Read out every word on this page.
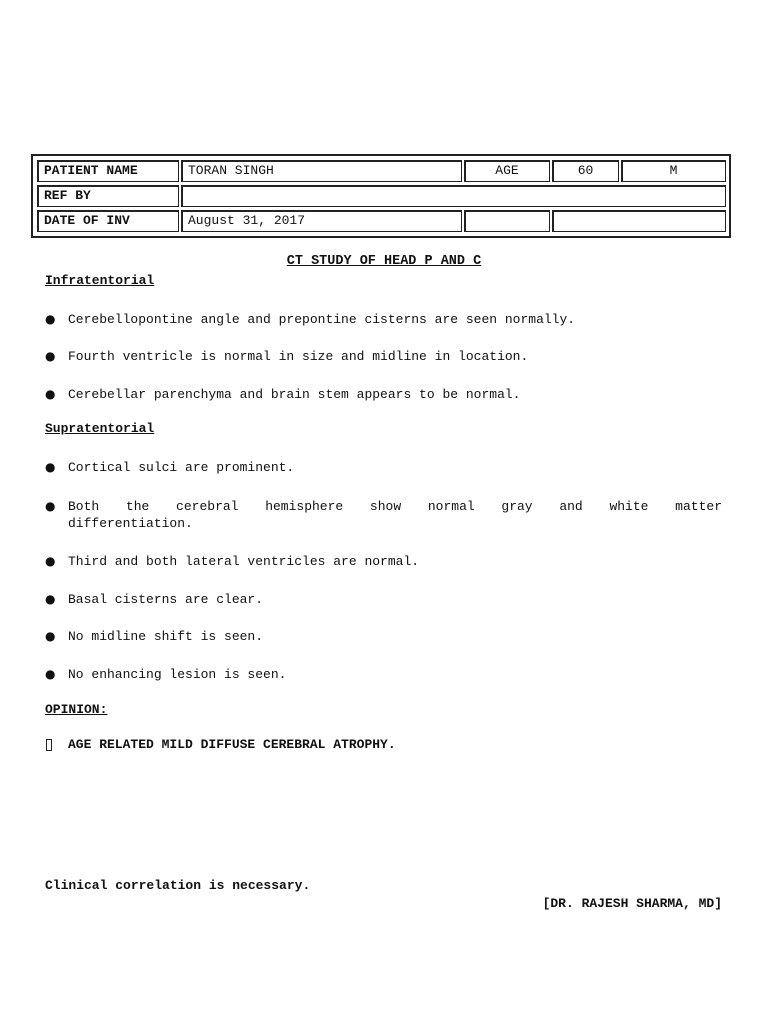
PATIENT NAME	TORAN SINGH	AGE	60	M
REF BY
DATE OF INV	August 31, 2017
CT STUDY OF HEAD P AND C
Infratentorial
● Cerebellopontine angle and prepontine cisterns are seen normally.
● Fourth ventricle is normal in size and midline in location.
● Cerebellar parenchyma and brain stem appears to be normal.
Supratentorial
● Cortical sulci are prominent.
● Both the cerebral hemisphere show normal gray and white matter
differentiation.
● Third and both lateral ventricles are normal.
● Basal cisterns are clear.
● No midline shift is seen.
● No enhancing lesion is seen.
OPINION:
AGE RELATED MILD DIFFUSE CEREBRAL ATROPHY.
Clinical correlation is necessary.
[DR. RAJESH SHARMA, MD]
